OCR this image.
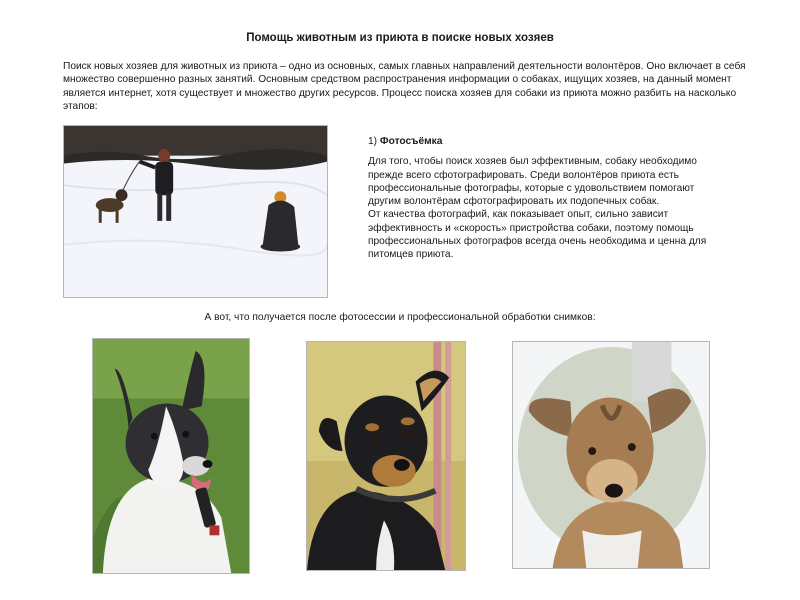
Помощь животным из приюта в поиске новых хозяев
Поиск новых хозяев для животных из приюта – одно из основных, самых главных направлений деятельности волонтёров. Оно включает в себя множество совершенно разных занятий. Основным средством распространения информации о собаках, ищущих хозяев, на данный момент является интернет, хотя существует и множество других ресурсов. Процесс поиска хозяев для собаки из приюта можно разбить на насколько этапов:
1) Фотосъёмка

Для того, чтобы поиск хозяев был эффективным, собаку необходимо прежде всего сфотографировать. Среди волонтёров приюта есть профессиональные фотографы, которые с удовольствием помогают другим волонтёрам сфотографировать их подопечных собак.

От качества фотографий, как показывает опыт, сильно зависит эффективность и «скорость» пристройства собаки, поэтому помощь профессиональных фотографов всегда очень необходима и ценна для питомцев приюта.

А вот, что получается после фотосессии и профессиональной обработки снимков:
